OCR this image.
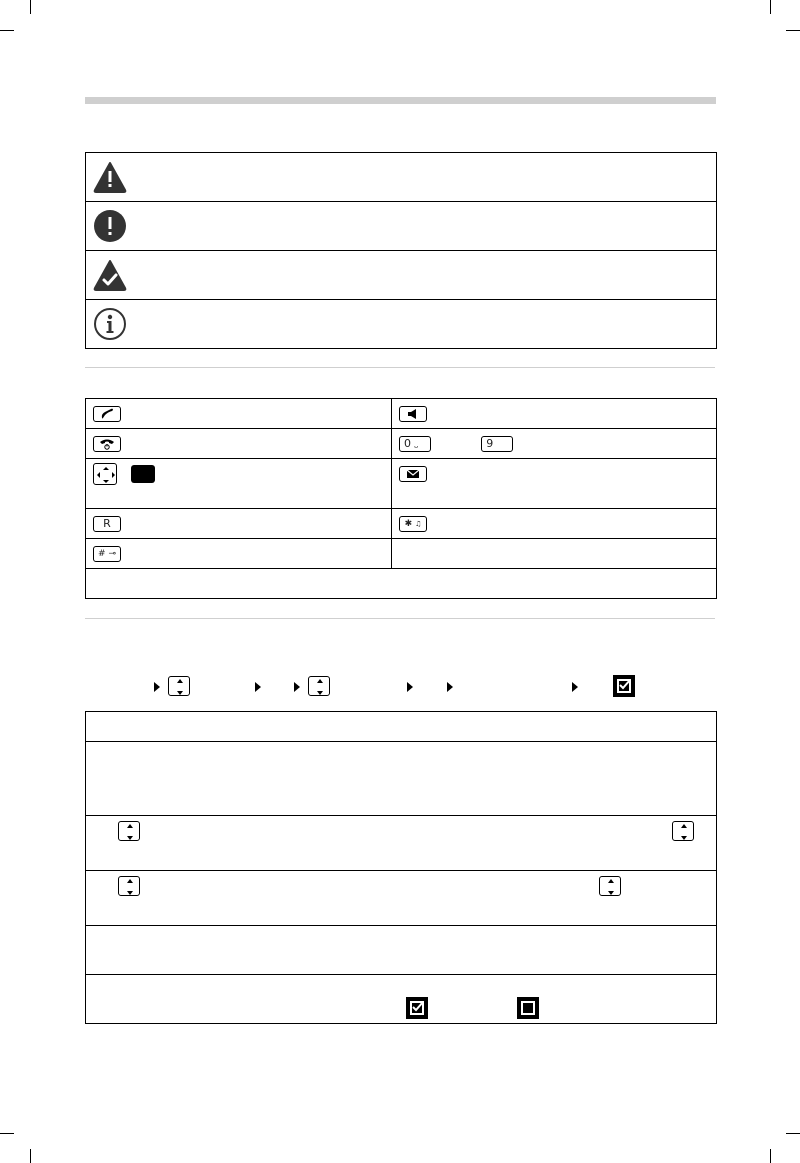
0
⎵
	9

R	✱
♫
#
⊸
